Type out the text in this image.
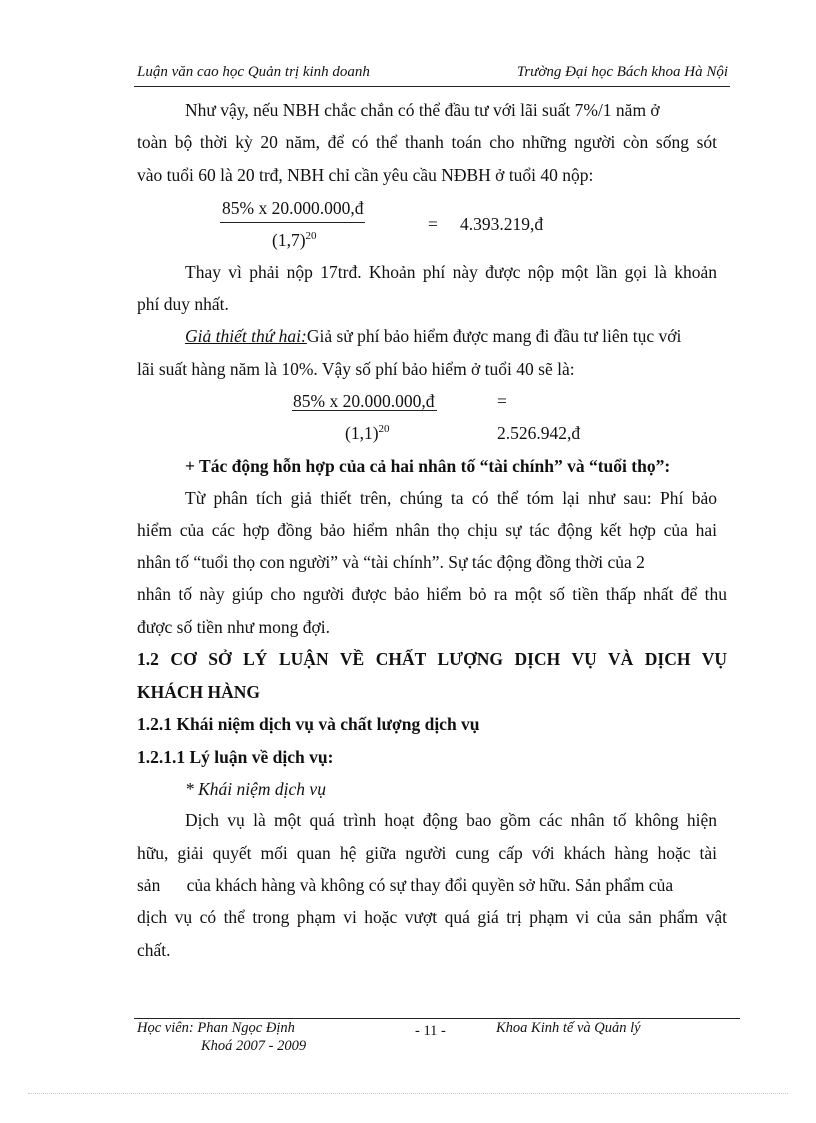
Luận văn cao học Quản trị kinh doanh	Trường Đại học Bách khoa Hà Nội
Như vậy, nếu NBH chắc chắn có thể đầu tư với lãi suất 7%/1 năm ở
toàn bộ thời kỳ 20 năm, để có thể thanh toán cho những người còn sống sót
vào tuổi 60 là 20 trđ, NBH chỉ cần yêu cầu NĐBH ở tuổi 40 nộp:
85% x 20.000.000,đ
$(1,7)^{20}$
= 4.393.219,đ
Thay vì phải nộp 17trđ. Khoản phí này được nộp một lần gọi là khoản
phí duy nhất.
Giả thiết thứ hai:Giả sử phí bảo hiểm được mang đi đầu tư liên tục với
lãi suất hàng năm là 10%. Vậy số phí bảo hiểm ở tuổi 40 sẽ là:
85% x 20.000.000,đ
$(1,1)^{20}$
=
2.526.942,đ
+ Tác động hỗn hợp của cả hai nhân tố “tài chính” và “tuổi thọ”:
Từ phân tích giả thiết trên, chúng ta có thể tóm lại như sau: Phí bảo
hiểm của các hợp đồng bảo hiểm nhân thọ chịu sự tác động kết hợp của hai
nhân tố “tuổi thọ con người” và “tài chính”. Sự tác động đồng thời của 2
nhân tố này giúp cho người được bảo hiểm bỏ ra một số tiền thấp nhất để thu
được số tiền như mong đợi.
1.2 CƠ SỞ LÝ LUẬN VỀ CHẤT LƯỢNG DỊCH VỤ VÀ DỊCH VỤ
KHÁCH HÀNG
1.2.1 Khái niệm dịch vụ và chất lượng dịch vụ
1.2.1.1 Lý luận về dịch vụ:
* Khái niệm dịch vụ
Dịch vụ là một quá trình hoạt động bao gồm các nhân tố không hiện
hữu, giải quyết mối quan hệ giữa người cung cấp với khách hàng hoặc tài
sản      của khách hàng và không có sự thay đổi quyền sở hữu. Sản phẩm của
dịch vụ có thể trong phạm vi hoặc vượt quá giá trị phạm vi của sản phẩm vật
chất.
Học viên: Phan Ngọc Định
Khoá 2007 - 2009
- 11 -	Khoa Kinh tế và Quản lý
